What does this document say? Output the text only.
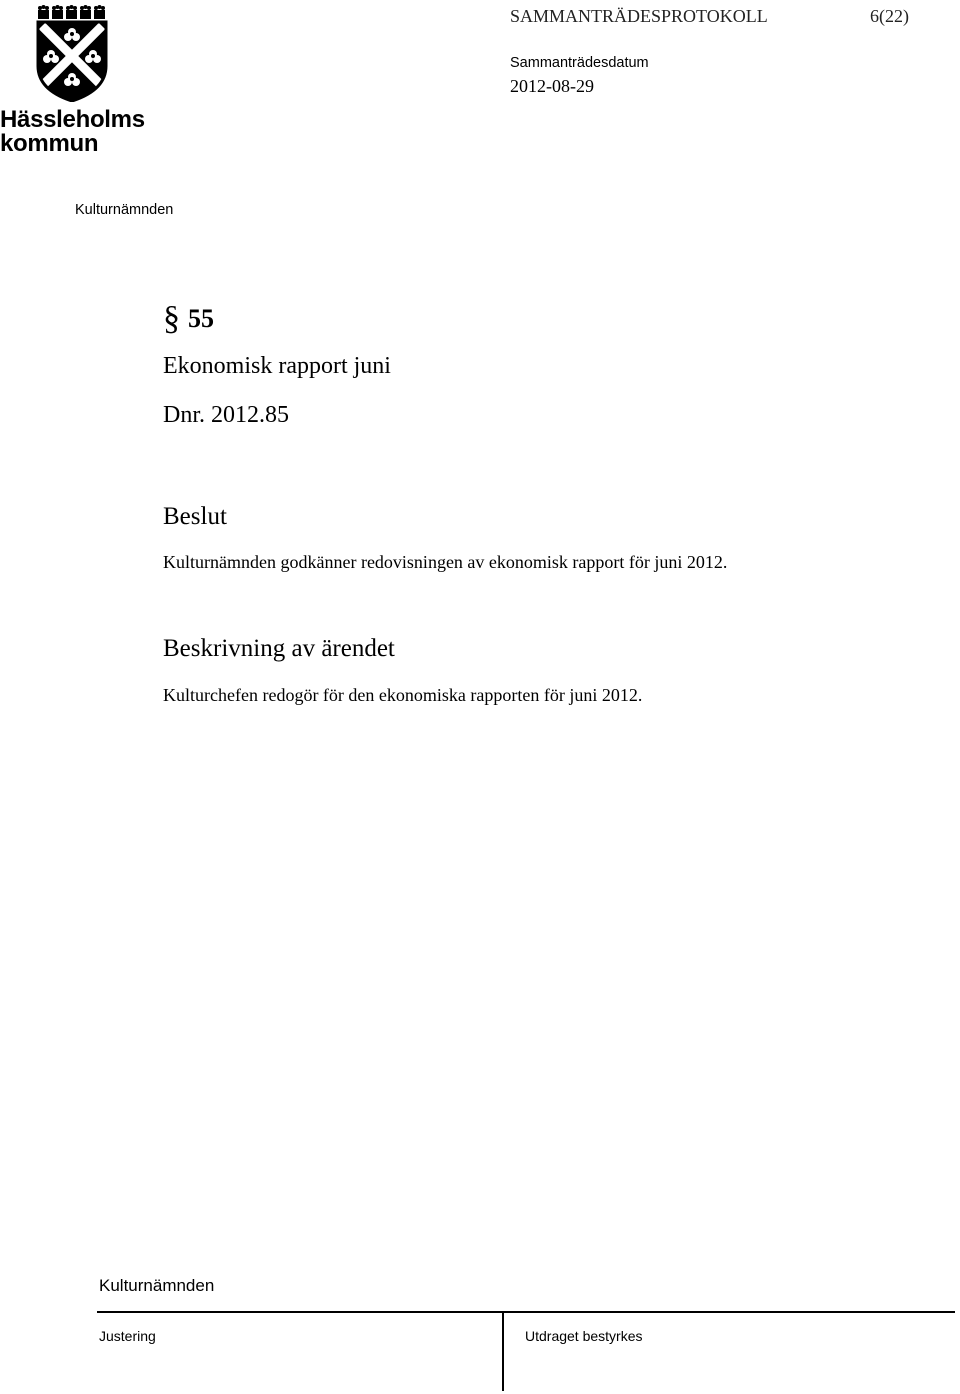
Hässleholms
kommun
SAMMANTRÄDESPROTOKOLL	6(22)
Sammanträdesdatum
2012-08-29
Kulturnämnden
§ 55
Ekonomisk rapport juni
Dnr. 2012.85
Beslut
Kulturnämnden godkänner redovisningen av ekonomisk rapport för juni 2012.
Beskrivning av ärendet
Kulturchefen redogör för den ekonomiska rapporten för juni 2012.
Kulturnämnden
Justering	Utdraget bestyrkes
